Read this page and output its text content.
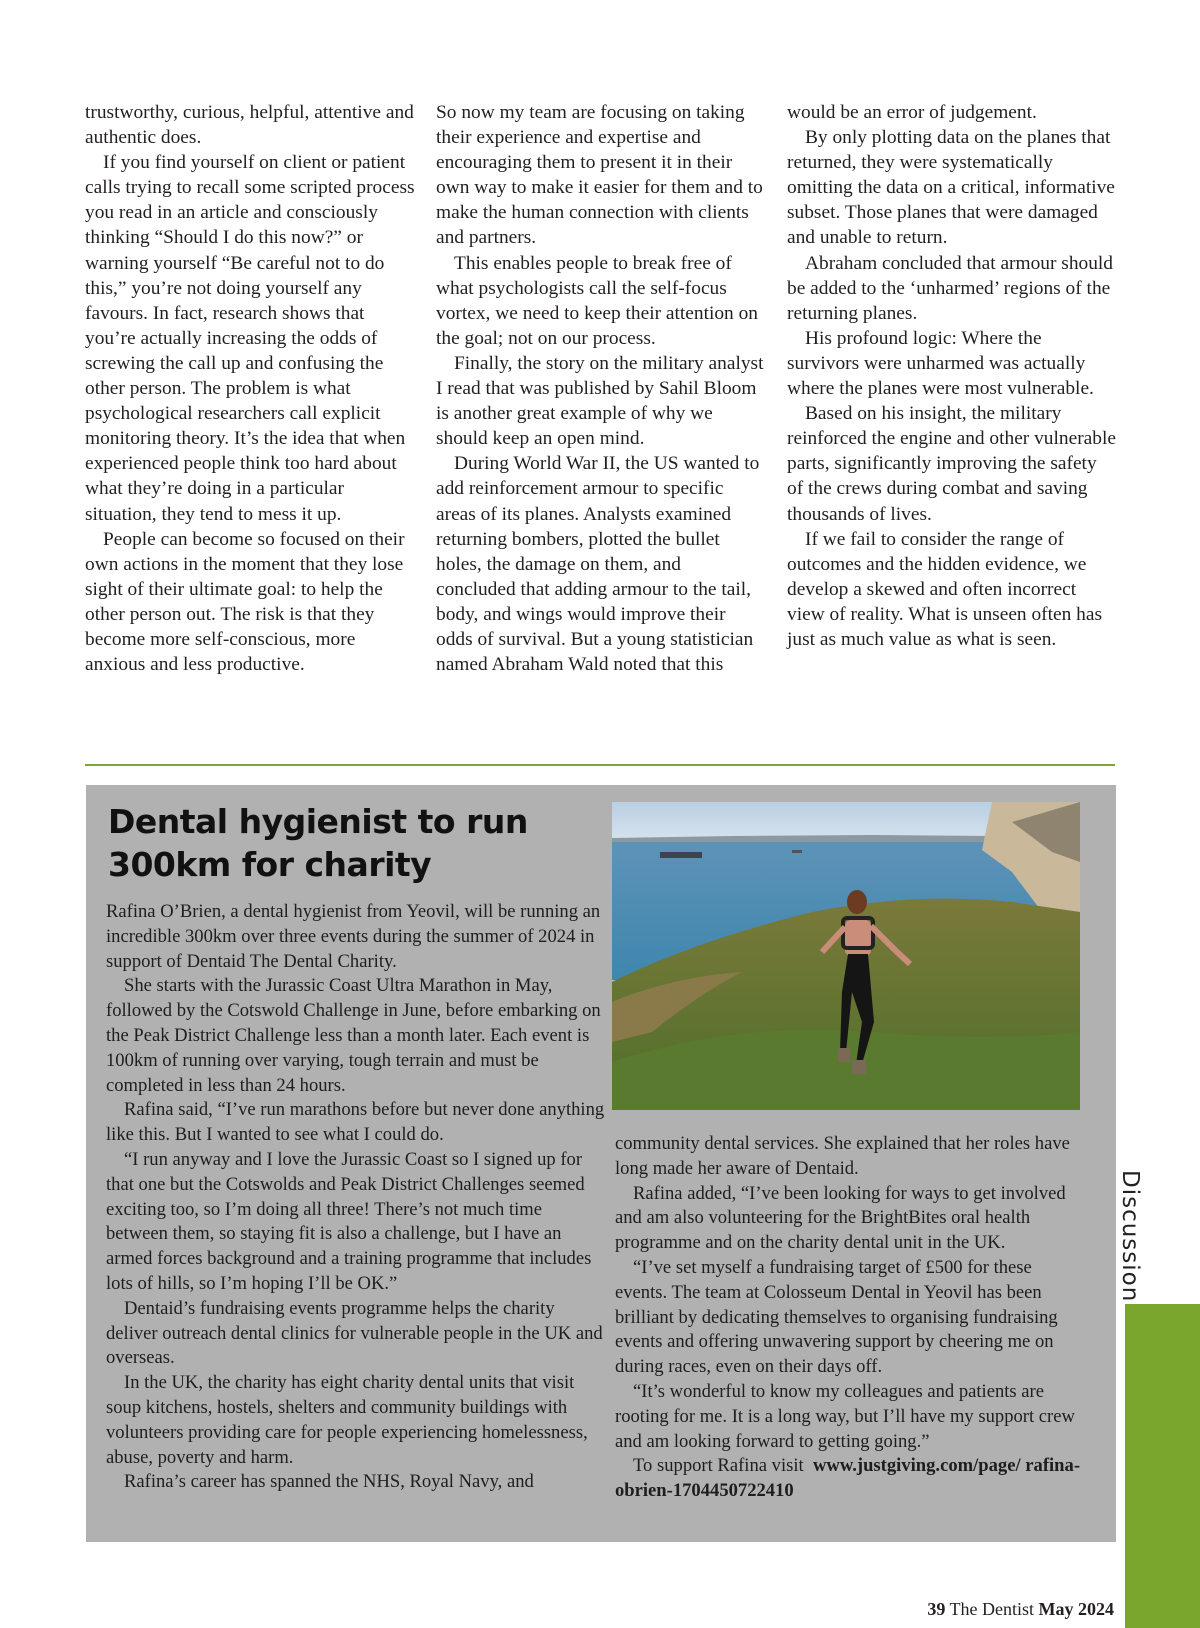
trustworthy, curious, helpful, attentive and authentic does.

If you find yourself on client or patient calls trying to recall some scripted process you read in an article and consciously thinking “Should I do this now?” or warning yourself “Be careful not to do this,” you’re not doing yourself any favours. In fact, research shows that you’re actually increasing the odds of screwing the call up and confusing the other person. The problem is what psychological researchers call explicit monitoring theory. It’s the idea that when experienced people think too hard about what they’re doing in a particular situation, they tend to mess it up.

People can become so focused on their own actions in the moment that they lose sight of their ultimate goal: to help the other person out. The risk is that they become more self-conscious, more anxious and less productive.

So now my team are focusing on taking their experience and expertise and encouraging them to present it in their own way to make it easier for them and to make the human connection with clients and partners.

This enables people to break free of what psychologists call the self-focus vortex, we need to keep their attention on the goal; not on our process.

Finally, the story on the military analyst I read that was published by Sahil Bloom is another great example of why we should keep an open mind.

During World War II, the US wanted to add reinforcement armour to specific areas of its planes. Analysts examined returning bombers, plotted the bullet holes, the damage on them, and concluded that adding armour to the tail, body, and wings would improve their odds of survival. But a young statistician named Abraham Wald noted that this

would be an error of judgement.

By only plotting data on the planes that returned, they were systematically omitting the data on a critical, informative subset. Those planes that were damaged and unable to return.

Abraham concluded that armour should be added to the ‘unharmed’ regions of the returning planes.

His profound logic: Where the survivors were unharmed was actually where the planes were most vulnerable.

Based on his insight, the military reinforced the engine and other vulnerable parts, significantly improving the safety of the crews during combat and saving thousands of lives.

If we fail to consider the range of outcomes and the hidden evidence, we develop a skewed and often incorrect view of reality. What is unseen often has just as much value as what is seen.

Dental hygienist to run 300km for charity

Rafina O’Brien, a dental hygienist from Yeovil, will be running an incredible 300km over three events during the summer of 2024 in support of Dentaid The Dental Charity.

She starts with the Jurassic Coast Ultra Marathon in May, followed by the Cotswold Challenge in June, before embarking on the Peak District Challenge less than a month later. Each event is 100km of running over varying, tough terrain and must be completed in less than 24 hours.

Rafina said, “I’ve run marathons before but never done anything like this. But I wanted to see what I could do.

“I run anyway and I love the Jurassic Coast so I signed up for that one but the Cotswolds and Peak District Challenges seemed exciting too, so I’m doing all three! There’s not much time between them, so staying fit is also a challenge, but I have an armed forces background and a training programme that includes lots of hills, so I’m hoping I’ll be OK.”

Dentaid’s fundraising events programme helps the charity deliver outreach dental clinics for vulnerable people in the UK and overseas.

In the UK, the charity has eight charity dental units that visit soup kitchens, hostels, shelters and community buildings with volunteers providing care for people experiencing homelessness, abuse, poverty and harm.

Rafina’s career has spanned the NHS, Royal Navy, and

community dental services. She explained that her roles have long made her aware of Dentaid.

Rafina added, “I’ve been looking for ways to get involved and am also volunteering for the BrightBites oral health programme and on the charity dental unit in the UK.

“I’ve set myself a fundraising target of £500 for these events. The team at Colosseum Dental in Yeovil has been brilliant by dedicating themselves to organising fundraising events and offering unwavering support by cheering me on during races, even on their days off.

“It’s wonderful to know my colleagues and patients are rooting for me. It is a long way, but I’ll have my support crew and am looking forward to getting going.”

To support Rafina visit www.justgiving.com/page/ rafina-obrien-1704450722410

Discussion
39 The Dentist May 2024
